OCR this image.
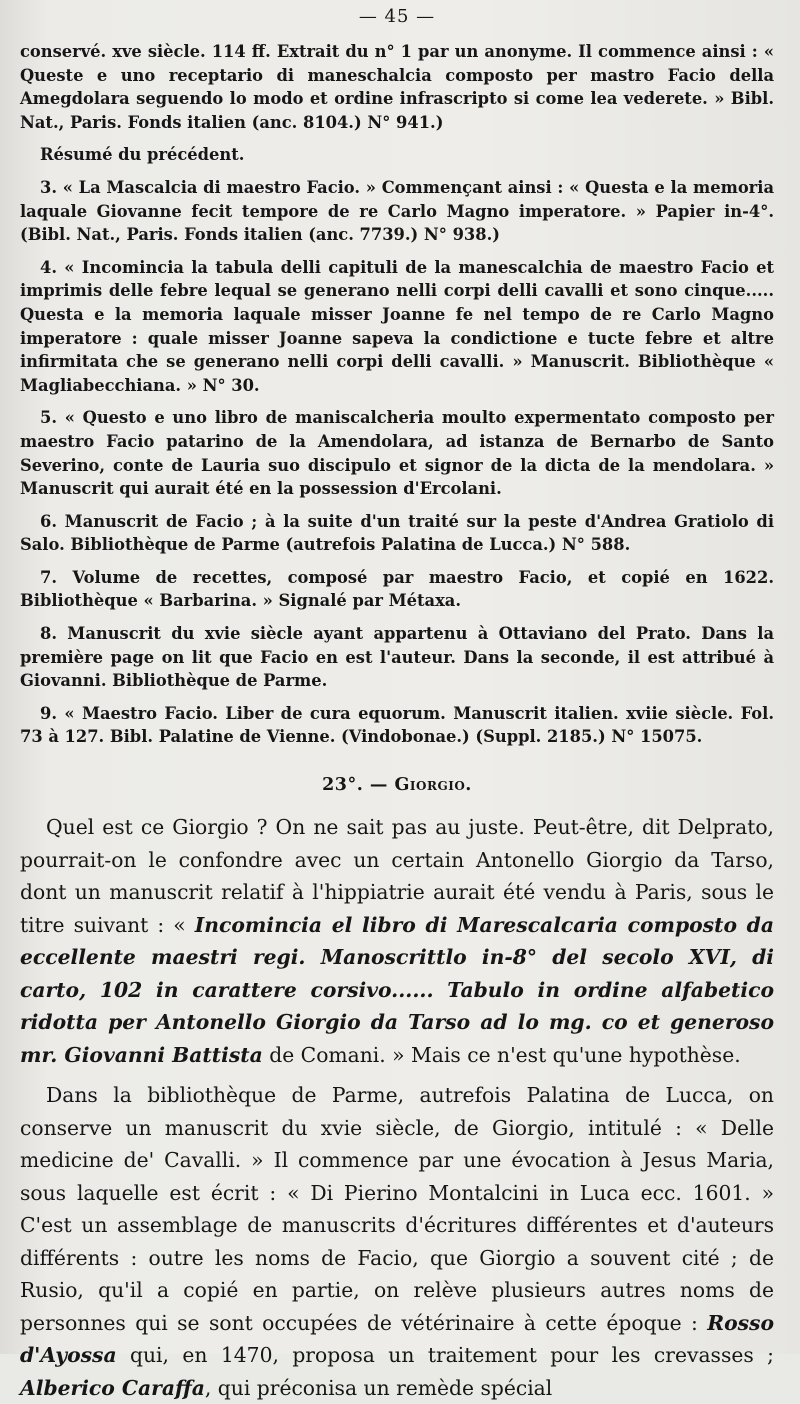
— 45 —

conservé. xve siècle. 114 ff. Extrait du n° 1 par un anonyme. Il commence ainsi : « Queste e uno receptario di maneschalcia composto per mastro Facio della Amegdolara seguendo lo modo et ordine infrascripto si come lea vederete. » Bibl. Nat., Paris. Fonds italien (anc. 8104.) N° 941.)

Résumé du précédent.

3. « La Mascalcia di maestro Facio. » Commençant ainsi : « Questa e la memoria laquale Giovanne fecit tempore de re Carlo Magno imperatore. » Papier in-4°. (Bibl. Nat., Paris. Fonds italien (anc. 7739.) N° 938.)

4. « Incomincia la tabula delli capituli de la manescalchia de maestro Facio et imprimis delle febre lequal se generano nelli corpi delli cavalli et sono cinque..... Questa e la memoria laquale misser Joanne fe nel tempo de re Carlo Magno imperatore : quale misser Joanne sapeva la condictione e tucte febre et altre infirmitata che se generano nelli corpi delli cavalli. » Manuscrit. Bibliothèque « Magliabecchiana. » N° 30.

5. « Questo e uno libro de maniscalcheria moulto expermentato composto per maestro Facio patarino de la Amendolara, ad istanza de Bernarbo de Santo Severino, conte de Lauria suo discipulo et signor de la dicta de la mendolara. » Manuscrit qui aurait été en la possession d'Ercolani.

6. Manuscrit de Facio ; à la suite d'un traité sur la peste d'Andrea Gratiolo di Salo. Bibliothèque de Parme (autrefois Palatina de Lucca.) N° 588.

7. Volume de recettes, composé par maestro Facio, et copié en 1622. Bibliothèque « Barbarina. » Signalé par Métaxa.

8. Manuscrit du xvie siècle ayant appartenu à Ottaviano del Prato. Dans la première page on lit que Facio en est l'auteur. Dans la seconde, il est attribué à Giovanni. Bibliothèque de Parme.

9. « Maestro Facio. Liber de cura equorum. Manuscrit italien. xviie siècle. Fol. 73 à 127. Bibl. Palatine de Vienne. (Vindobonae.) (Suppl. 2185.) N° 15075.

23°. — Giorgio.

Quel est ce Giorgio ? On ne sait pas au juste. Peut-être, dit Delprato, pourrait-on le confondre avec un certain Antonello Giorgio da Tarso, dont un manuscrit relatif à l'hippiatrie aurait été vendu à Paris, sous le titre suivant : « Incomincia el libro di Marescalcaria composto da eccellente maestri regi. Manoscrittlo in-8° del secolo XVI, di carto, 102 in carattere corsivo...... Tabulo in ordine alfabetico ridotta per Antonello Giorgio da Tarso ad lo mg. co et generoso mr. Giovanni Battista de Comani. » Mais ce n'est qu'une hypothèse.

Dans la bibliothèque de Parme, autrefois Palatina de Lucca, on conserve un manuscrit du xvie siècle, de Giorgio, intitulé : « Delle medicine de' Cavalli. » Il commence par une évocation à Jesus Maria, sous laquelle est écrit : « Di Pierino Montalcini in Luca ecc. 1601. » C'est un assemblage de manuscrits d'écritures différentes et d'auteurs différents : outre les noms de Facio, que Giorgio a souvent cité ; de Rusio, qu'il a copié en partie, on relève plusieurs autres noms de personnes qui se sont occupées de vétérinaire à cette époque : Rosso d'Ayossa qui, en 1470, proposa un traitement pour les crevasses ; Alberico Caraffa, qui préconisa un remède spécial
